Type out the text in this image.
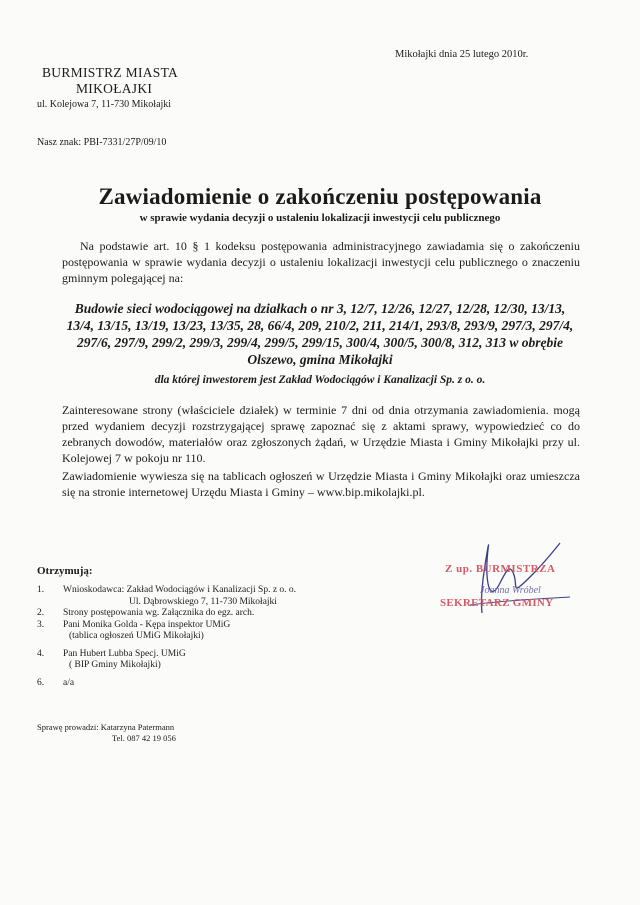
Mikołajki dnia 25 lutego 2010r.
BURMISTRZ MIASTA
MIKOŁAJKI
ul. Kolejowa 7, 11-730 Mikołajki
Nasz znak: PBI-7331/27P/09/10
Zawiadomienie o zakończeniu postępowania
w sprawie wydania decyzji o ustaleniu lokalizacji inwestycji celu publicznego
Na podstawie art. 10 § 1 kodeksu postępowania administracyjnego zawiadamia się o zakończeniu postępowania w sprawie wydania decyzji o ustaleniu lokalizacji inwestycji celu publicznego o znaczeniu gminnym polegającej na:
Budowie sieci wodociągowej na działkach o nr 3, 12/7, 12/26, 12/27, 12/28, 12/30, 13/13, 13/4, 13/15, 13/19, 13/23, 13/35, 28, 66/4, 209, 210/2, 211, 214/1, 293/8, 293/9, 297/3, 297/4, 297/6, 297/9, 299/2, 299/3, 299/4, 299/5, 299/15, 300/4, 300/5, 300/8, 312, 313 w obrębie Olszewo, gmina Mikołajki
dla której inwestorem jest Zakład Wodociągów i Kanalizacji Sp. z o. o.
Zainteresowane strony (właściciele działek) w terminie 7 dni od dnia otrzymania zawiadomienia. mogą przed wydaniem decyzji rozstrzygającej sprawę zapoznać się z aktami sprawy, wypowiedzieć co do zebranych dowodów, materiałów oraz zgłoszonych żądań, w Urzędzie Miasta i Gminy Mikołajki przy ul. Kolejowej 7 w pokoju nr 110.
Zawiadomienie wywiesza się na tablicach ogłoszeń w Urzędzie Miasta i Gminy Mikołajki oraz umieszcza się na stronie internetowej Urzędu Miasta i Gminy – www.bip.mikolajki.pl.
Otrzymują:
1. Wnioskodawca: Zakład Wodociągów i Kanalizacji Sp. z o. o.
Ul. Dąbrowskiego 7, 11-730 Mikołajki
2. Strony postępowania wg. Załącznika do egz. arch.
3. Pani Monika Golda - Kępa inspektor UMiG
(tablica ogłoszeń UMiG Mikołajki)
4. Pan Hubert Lubba Specj. UMiG
( BIP Gminy Mikołajki)
6. a/a
Z up. BURMISTRZA
Joanna Wróbel
SEKRETARZ GMINY
Sprawę prowadzi: Katarzyna Patermann
Tel. 087 42 19 056
